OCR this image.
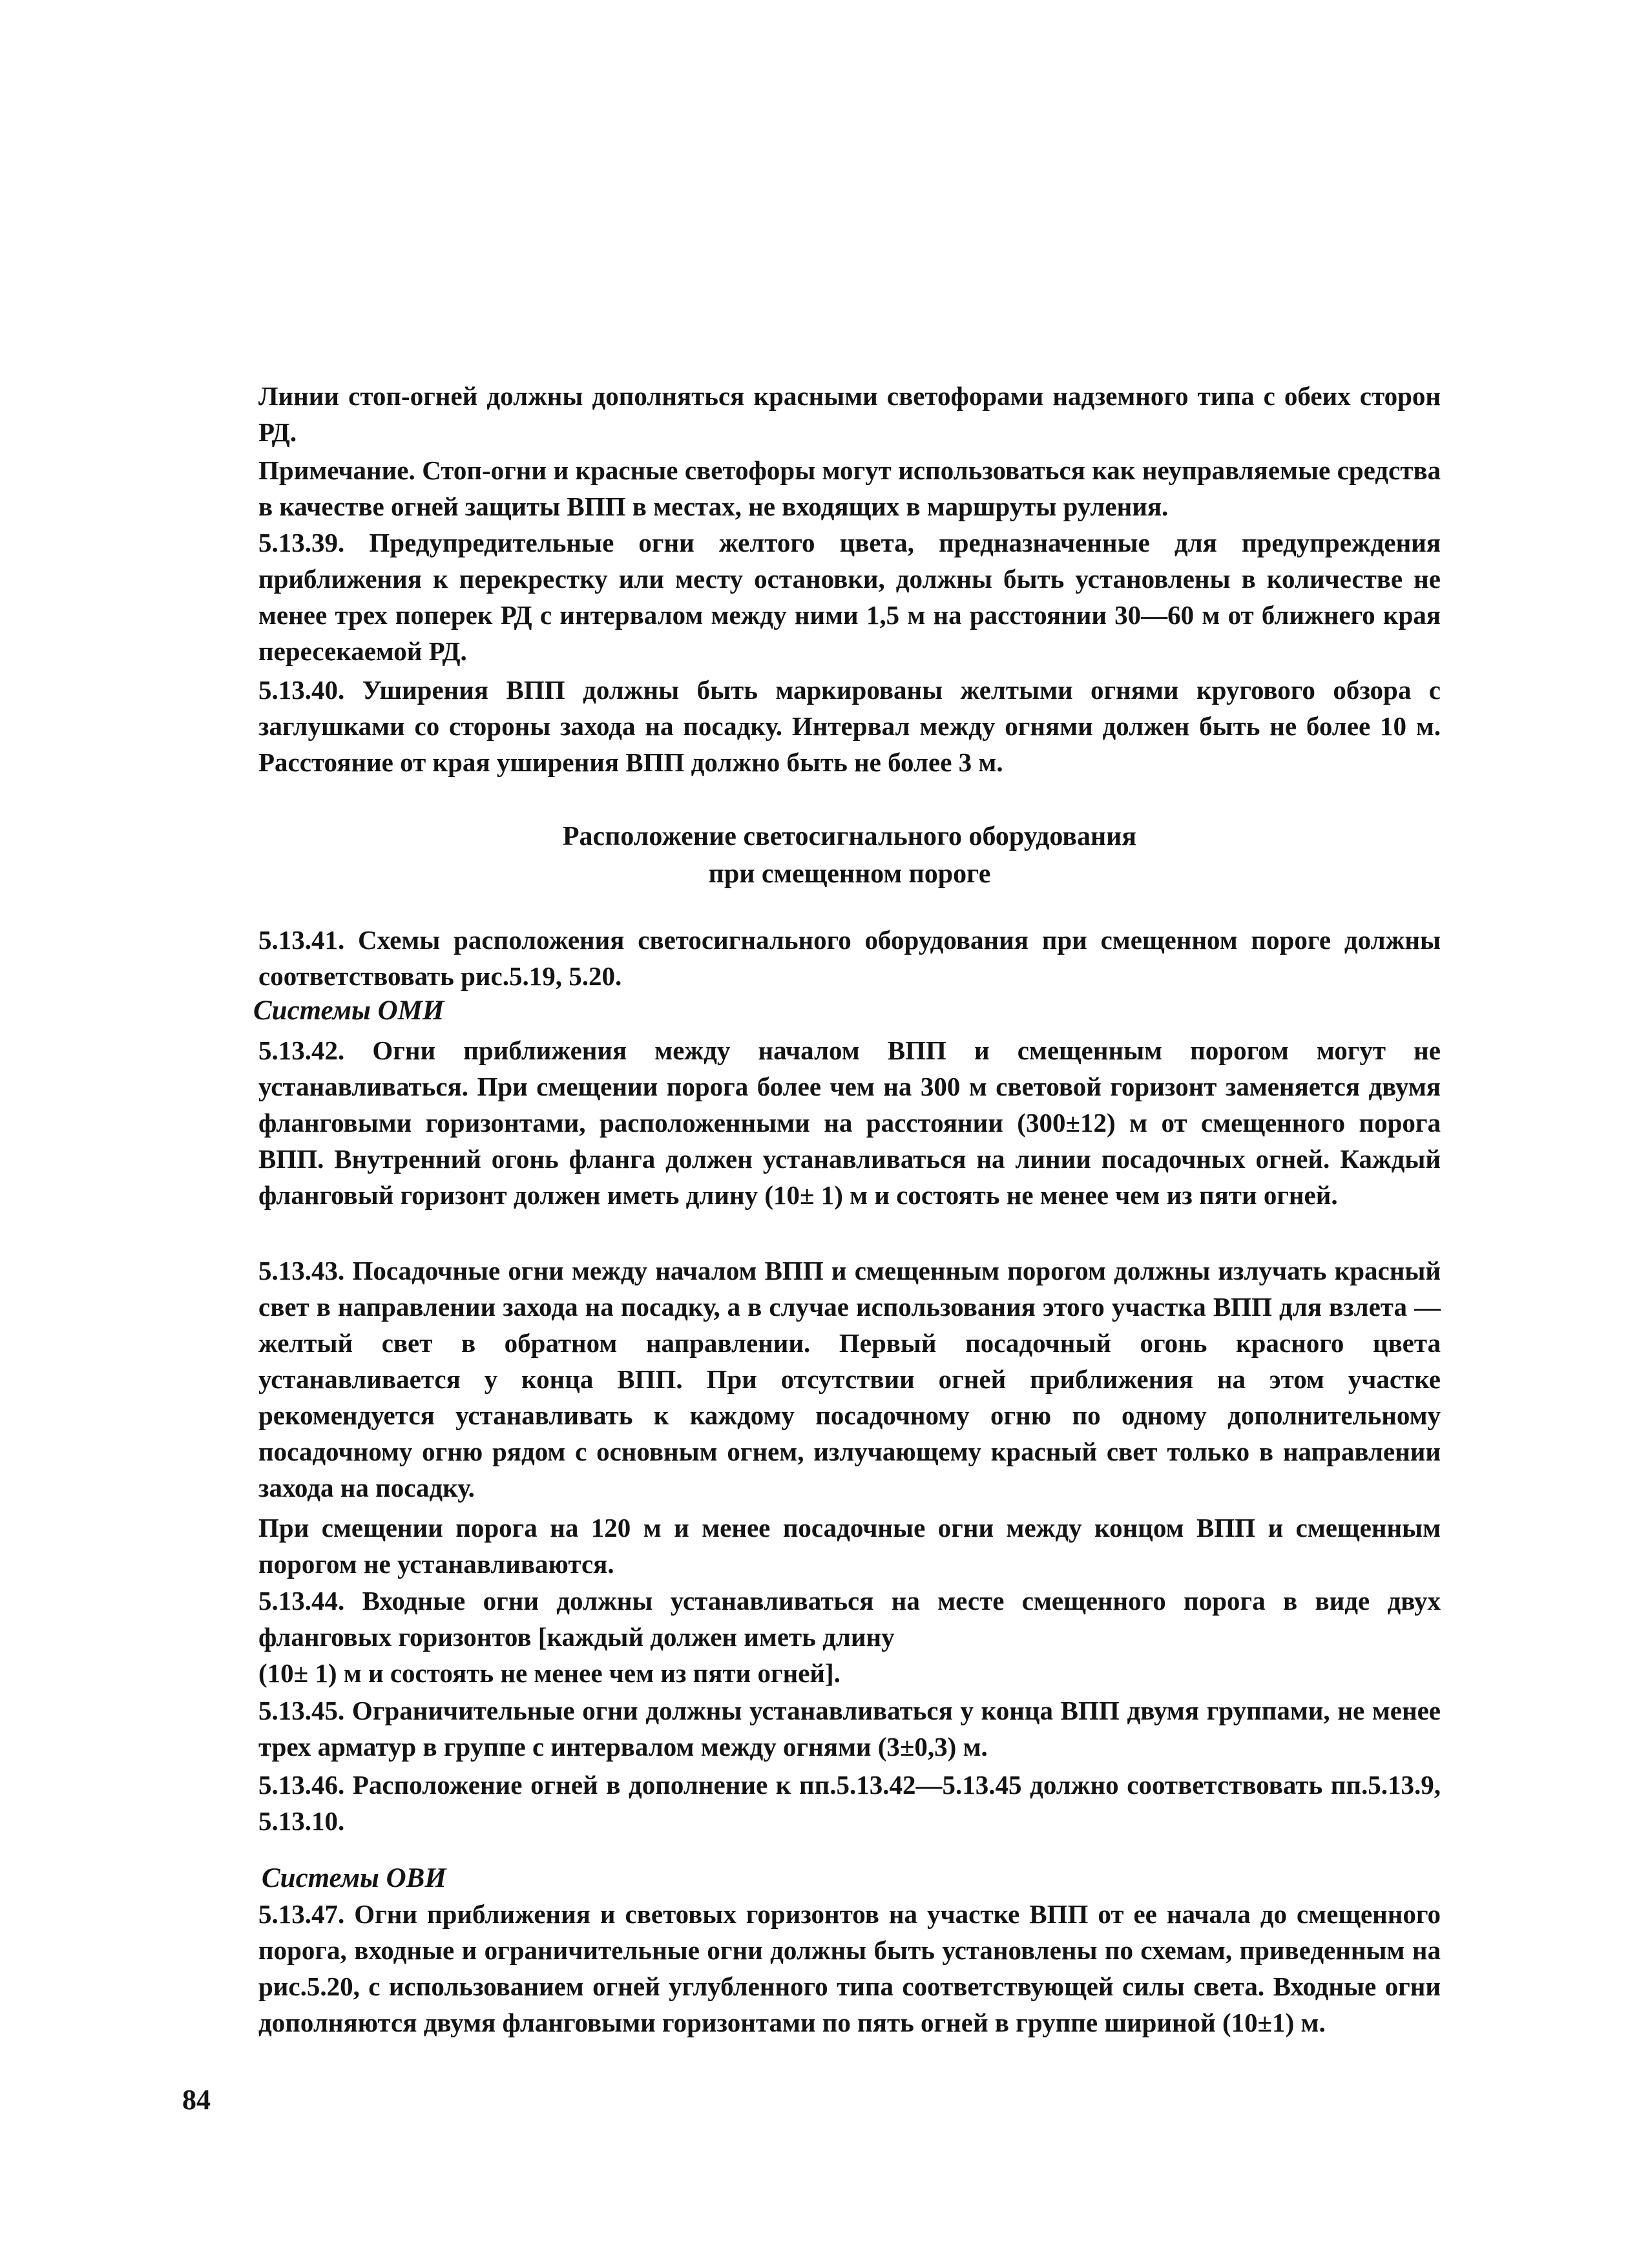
Линии стоп-огней должны дополняться красными светофорами надземного типа с обеих сторон РД.

Примечание. Стоп-огни и красные светофоры могут использоваться как неуправляемые средства в качестве огней защиты ВПП в местах, не входящих в маршруты руления.

5.13.39. Предупредительные огни желтого цвета, предназначенные для предупреждения приближения к перекрестку или месту остановки, должны быть установлены в количестве не менее трех поперек РД с интервалом между ними 1,5 м на расстоянии 30—60 м от ближнего края пересекаемой РД.

5.13.40. Уширения ВПП должны быть маркированы желтыми огнями кругового обзора с заглушками со стороны захода на посадку. Интервал между огнями должен быть не более 10 м. Расстояние от края уширения ВПП должно быть не более 3 м.

Расположение светосигнального оборудования
при смещенном пороге

5.13.41. Схемы расположения светосигнального оборудования при смещенном пороге должны соответствовать рис.5.19, 5.20.

Системы ОМИ

5.13.42. Огни приближения между началом ВПП и смещенным порогом могут не устанавливаться. При смещении порога более чем на 300 м световой горизонт заменяется двумя фланговыми горизонтами, расположенными на расстоянии (300±12) м от смещенного порога ВПП. Внутренний огонь фланга должен устанавливаться на линии посадочных огней. Каждый фланговый горизонт должен иметь длину (10± 1) м и состоять не менее чем из пяти огней.

5.13.43. Посадочные огни между началом ВПП и смещенным порогом должны излучать красный свет в направлении захода на посадку, а в случае использования этого участка ВПП для взлета — желтый свет в обратном направлении. Первый посадочный огонь красного цвета устанавливается у конца ВПП. При отсутствии огней приближения на этом участке рекомендуется устанавливать к каждому посадочному огню по одному дополнительному посадочному огню рядом с основным огнем, излучающему красный свет только в направлении захода на посадку.

При смещении порога на 120 м и менее посадочные огни между концом ВПП и смещенным порогом не устанавливаются.

5.13.44. Входные огни должны устанавливаться на месте смещенного порога в виде двух фланговых горизонтов [каждый должен иметь длину

(10± 1) м и состоять не менее чем из пяти огней].

5.13.45. Ограничительные огни должны устанавливаться у конца ВПП двумя группами, не менее трех арматур в группе с интервалом между огнями (3±0,3) м.

5.13.46. Расположение огней в дополнение к пп.5.13.42—5.13.45 должно соответствовать пп.5.13.9, 5.13.10.

Системы ОВИ

5.13.47. Огни приближения и световых горизонтов на участке ВПП от ее начала до смещенного порога, входные и ограничительные огни должны быть установлены по схемам, приведенным на рис.5.20, с использованием огней углубленного типа соответствующей силы света. Входные огни дополняются двумя фланговыми горизонтами по пять огней в группе шириной (10±1) м.

84
